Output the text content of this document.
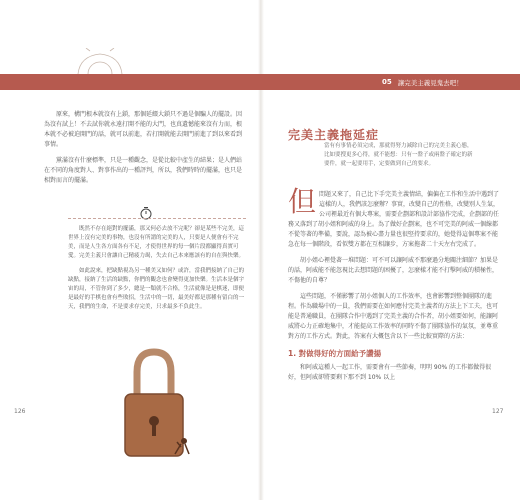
05 讓完美主義見鬼去吧！

原來，構門根本就沒有上鎖，那個延綴大鎖只不過是個騙人的擺設。因為沒有試上！不去試你就永遠打開不能的大門，也真遺憾能來沒有力而，根本就不必被迫開門的話，就可以前進，若打開就能去開門前進了到以來看到事情。

黨滿沒有什麼標準，只是一種觀念，是從比較中產生的結果；是人們站在不同的角度對人、對事作出的一種評判，所以，我們時時的擺滿，也只是相對而言的擺滿。

既然不存在絕對的擺滿，那又何必去放不完呢？卻是某些不完美，這世界上沒有完美的事物，也沒有所謂的完美的人，只要是人便會有不完美，而是人生各方面各有不足，才使得世界的每一個片段都顯得真實可愛。完美主義只會讓自己精疲力竭，失去自己本來應該有的自在與快樂。

如此說來，把缺點視為另一種美又如何？或許，當我們接納了自己的缺點，接納了生活的缺點，你們的觀念也會變得更加快樂。生活本是個宇宙的局，不管你到了多少，總是一類就不合格，生活就像是是棋迷，即便是最好的手棋也會有些敗招，生活中的一切，最美好都是那種有留白的一天，我們的生命，不是要求存完美，只求最多不負此生。

126
完美主義拖延症
當有有事情必須完成，那就得努力減除自己的完美主義心態，比如要搜更多心得，就不能想：只有一盤子或兩盤子確定的新要件，就一起要用手，定要做到自己的要求。

但 問題又來了，自己比下手完美主義情結，偏偏在工作和生活中遇到了這樣的人，我們該怎麼辦？事實，改變自己的性格，改變別人生氣，公司裡最近有個大專案，需要企劃部和設計部協作完成，企劃部的任務又落到了胡小姐和阿威的身上。為了做好企劃案，也不可完美的阿威一個線都不從等著的準備，要說，認為被心盡力量也很堅持要求的，她覺得這個專案不能急在每一個階段，看似雙方都在互相讓步，方案拖著二十天左右完成了。

胡小姐心裡覺著一堆問題：可不可以讓阿威不那麼過分地關注細節？加果是的話，阿威能不能忽視比去想問題的困擾了，怎麼樣才能不打擊阿威的積極性，不傷他的自尊？

這些問題，不僅影響了胡小姐個人的工作效率，也會影響到整個團隊的進程。作為職場中的一員，我們需要在如何應付完美主義者的方法上下工夫，也可能是普通職員，在團隊合作中遇到了完美主義的合作者，胡小姐要如何，能讓阿威將心力正確地集中，才能提高工作效率的同時不傷了團隊協作的氣氛，並尊重對方的工作方式。對此，答案有大概包含以下一些比較實際的方法：

1. 對做得好的方面給予讚揚

和阿威這種人一起工作，需要會有一些節奏，明明 90% 的工作都做得很好，但阿威卻將要剩下那不到 10% 以上

127
